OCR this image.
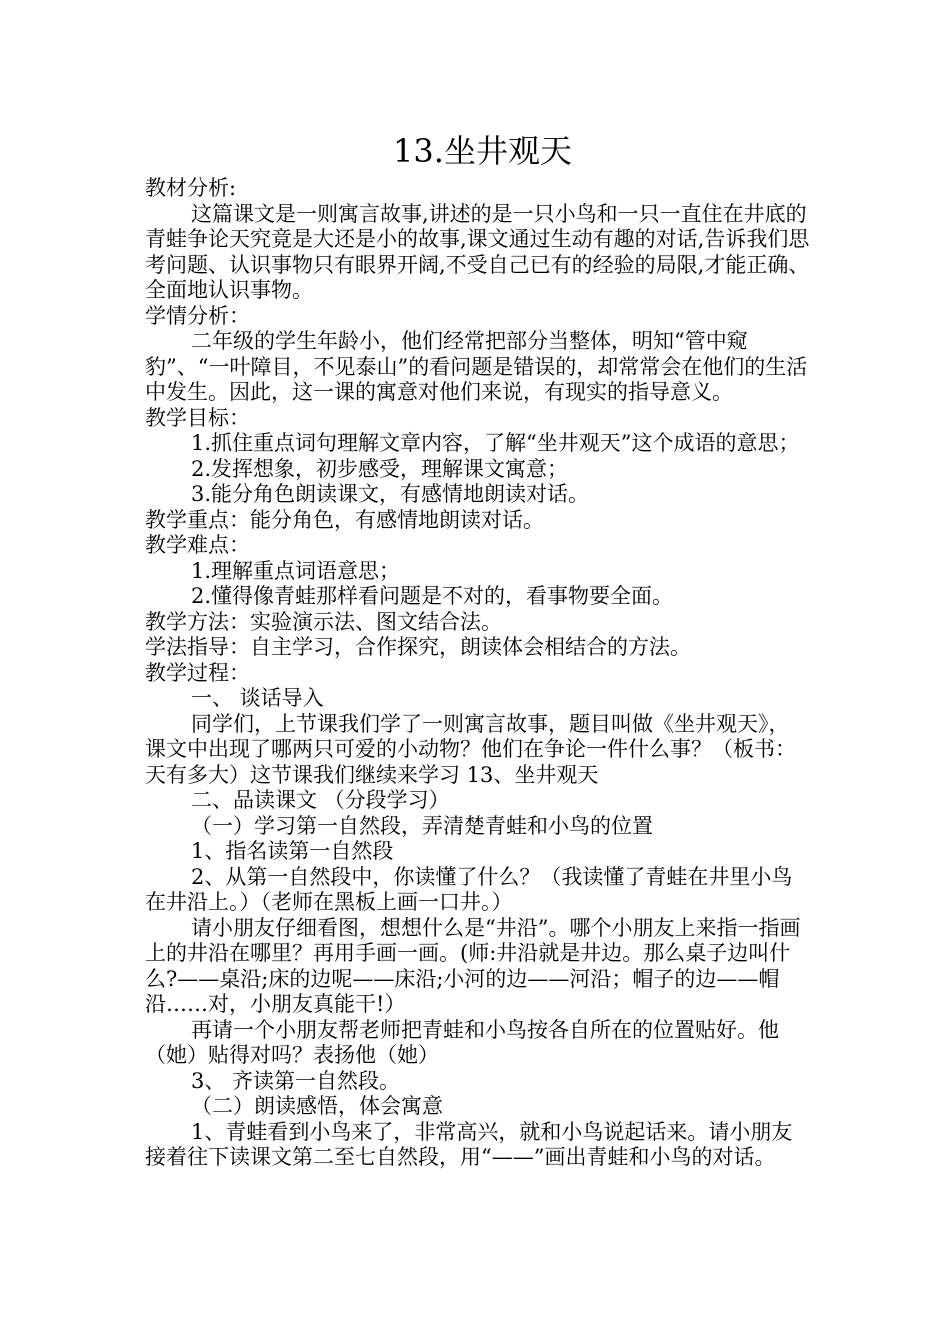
13.坐井观天

教材分析:

这篇课文是一则寓言故事,讲述的是一只小鸟和一只一直住在井底的青蛙争论天究竟是大还是小的故事,课文通过生动有趣的对话,告诉我们思考问题、认识事物只有眼界开阔,不受自己已有的经验的局限,才能正确、全面地认识事物。

学情分析：

二年级的学生年龄小，他们经常把部分当整体，明知“管中窥豹”、“一叶障目，不见泰山”的看问题是错误的，却常常会在他们的生活中发生。因此，这一课的寓意对他们来说，有现实的指导意义。

教学目标：

1.抓住重点词句理解文章内容，了解“坐井观天”这个成语的意思；

2.发挥想象，初步感受，理解课文寓意；

3.能分角色朗读课文，有感情地朗读对话。

教学重点：能分角色，有感情地朗读对话。

教学难点：

1.理解重点词语意思；

2.懂得像青蛙那样看问题是不对的，看事物要全面。

教学方法：实验演示法、图文结合法。

学法指导：自主学习，合作探究，朗读体会相结合的方法。

教学过程：

一、 谈话导入

同学们，上节课我们学了一则寓言故事，题目叫做《坐井观天》，课文中出现了哪两只可爱的小动物？他们在争论一件什么事？（板书：天有多大）这节课我们继续来学习 13、坐井观天

二、品读课文 （分段学习）

（一）学习第一自然段，弄清楚青蛙和小鸟的位置

1、指名读第一自然段

2、从第一自然段中，你读懂了什么？（我读懂了青蛙在井里小鸟在井沿上。）（老师在黑板上画一口井。）

请小朋友仔细看图，想想什么是“井沿”。哪个小朋友上来指一指画上的井沿在哪里？再用手画一画。(师:井沿就是井边。那么桌子边叫什么?——桌沿;床的边呢——床沿;小河的边——河沿；帽子的边——帽沿……对，小朋友真能干!）

再请一个小朋友帮老师把青蛙和小鸟按各自所在的位置贴好。他（她）贴得对吗？表扬他（她）

3、 齐读第一自然段。

（二）朗读感悟，体会寓意

1、青蛙看到小鸟来了，非常高兴，就和小鸟说起话来。请小朋友接着往下读课文第二至七自然段，用“——”画出青蛙和小鸟的对话。
